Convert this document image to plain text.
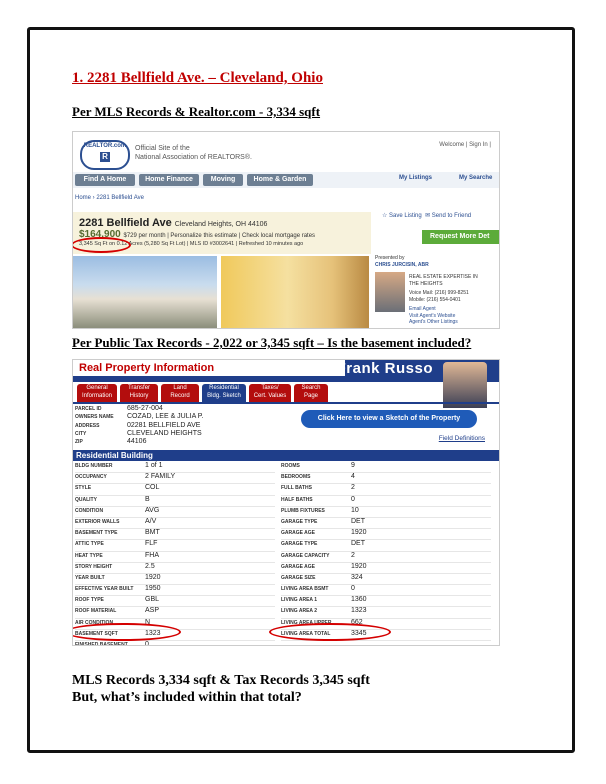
1. 2281 Bellfield Ave. – Cleveland, Ohio
Per MLS Records & Realtor.com - 3,334 sqft
REALTOR.com
R
Official Site of the
National Association of REALTORS®.
Welcome | Sign In |
Find A Home	Home Finance	Moving	Home & Garden	My Listings	My Searche
Home › 2281 Bellfield Ave
2281 Bellfield Ave Cleveland Heights, OH 44106
$164,900 $729 per month | Personalize this estimate | Check local mortgage rates
3,345 Sq Ft on 0.12 Acres (5,280 Sq Ft Lot) | MLS ID #3002641 | Refreshed 10 minutes ago
☆ Save Listing  ✉ Send to Friend
Request More Det
Presented by
CHRIS JURCISIN, ABR
REAL ESTATE EXPERTISE IN
THE HEIGHTS
Voice Mail: (216) 999-8251
Mobile: (216) 554-0401
Email Agent
Visit Agent's Website
Agent's Other Listings
Per Public Tax Records - 2,022 or 3,345 sqft – Is the basement included?
Real Property Information	Frank Russo
General
Information
Transfer
History
Land
Record
Residential
Bldg. Sketch
Taxes/
Cert. Values
Search
Page
PARCEL ID	685-27-004
OWNERS NAME COZAD, LEE & JULIA P.
ADDRESS	02281 BELLFIELD AVE
CITY	CLEVELAND HEIGHTS
ZIP	44106
Click Here to view a Sketch of the Property
Field Definitions
Residential Building
BLDG NUMBER	1 of 1
OCCUPANCY	2 FAMILY
STYLE	COL
QUALITY	B
CONDITION	AVG
EXTERIOR WALLS	A/V
BASEMENT TYPE	BMT
ATTIC TYPE	FLF
HEAT TYPE	FHA
STORY HEIGHT	2.5
YEAR BUILT	1920
EFFECTIVE YEAR BUILT 1950
ROOF TYPE	GBL
ROOF MATERIAL	ASP
AIR CONDITION	N
BASEMENT SQFT	1323
FINISHED BASEMENT 0
ROOMS	9
BEDROOMS	4
FULL BATHS	2
HALF BATHS	0
PLUMB FIXTURES	10
GARAGE TYPE	DET
GARAGE AGE	1920
GARAGE TYPE	DET
GARAGE CAPACITY	2
GARAGE AGE	1920
GARAGE SIZE	324
LIVING AREA BSMT	0
LIVING AREA 1	1360
LIVING AREA 2	1323
LIVING AREA UPPER	662
LIVING AREA TOTAL	3345

MLS Records 3,334 sqft & Tax Records 3,345 sqft

But, what’s included within that total?
